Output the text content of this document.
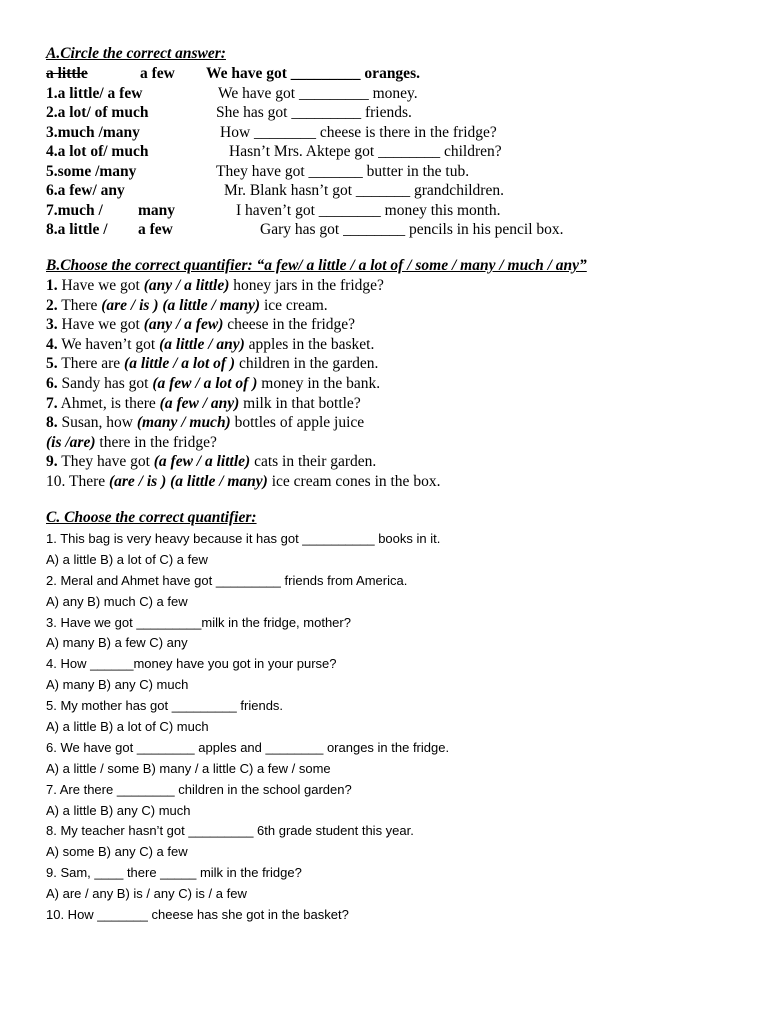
A.Circle the correct answer:
a little	a few We have got _________ oranges.
1.a little/ a few	We have got _________ money.
2.a lot/ of much	She has got _________ friends.
3.much /many	How ________ cheese is there in the fridge?
4.a lot of/ much	Hasn’t Mrs. Aktepe got ________ children?
5.some /many	They have got _______ butter in the tub.
6.a few/ any	Mr. Blank hasn’t got _______ grandchildren.
7.much / many	I haven’t got ________ money this month.
8.a little / a few	Gary has got ________ pencils in his pencil box.
B.Choose the correct quantifier: “a few/ a little / a lot of / some / many / much / any”
1. Have we got (any / a little) honey jars in the fridge?
2. There (are / is ) (a little / many) ice cream.
3. Have we got (any / a few) cheese in the fridge?
4. We haven’t got (a little / any) apples in the basket.
5. There are (a little / a lot of ) children in the garden.
6. Sandy has got (a few / a lot of ) money in the bank.
7. Ahmet, is there (a few / any) milk in that bottle?
8. Susan, how (many / much) bottles of apple juice
(is /are) there in the fridge?
9. They have got (a few / a little) cats in their garden.
10. There (are / is ) (a little / many) ice cream cones in the box.
C. Choose the correct quantifier:
1. This bag is very heavy because it has got __________ books in it.
A) a little B) a lot of C) a few
2. Meral and Ahmet have got _________ friends from America.
A) any B) much C) a few
3. Have we got _________milk in the fridge, mother?
A) many B) a few C) any
4. How ______money have you got in your purse?
A) many B) any C) much
5. My mother has got _________ friends.
A) a little B) a lot of C) much
6. We have got ________ apples and ________ oranges in the fridge.
A) a little / some B) many / a little C) a few / some
7. Are there ________ children in the school garden?
A) a little B) any C) much
8. My teacher hasn’t got _________ 6th grade student this year.
A) some B) any C) a few
9. Sam, ____ there _____ milk in the fridge?
A) are / any B) is / any C) is / a few
10. How _______ cheese has she got in the basket?
